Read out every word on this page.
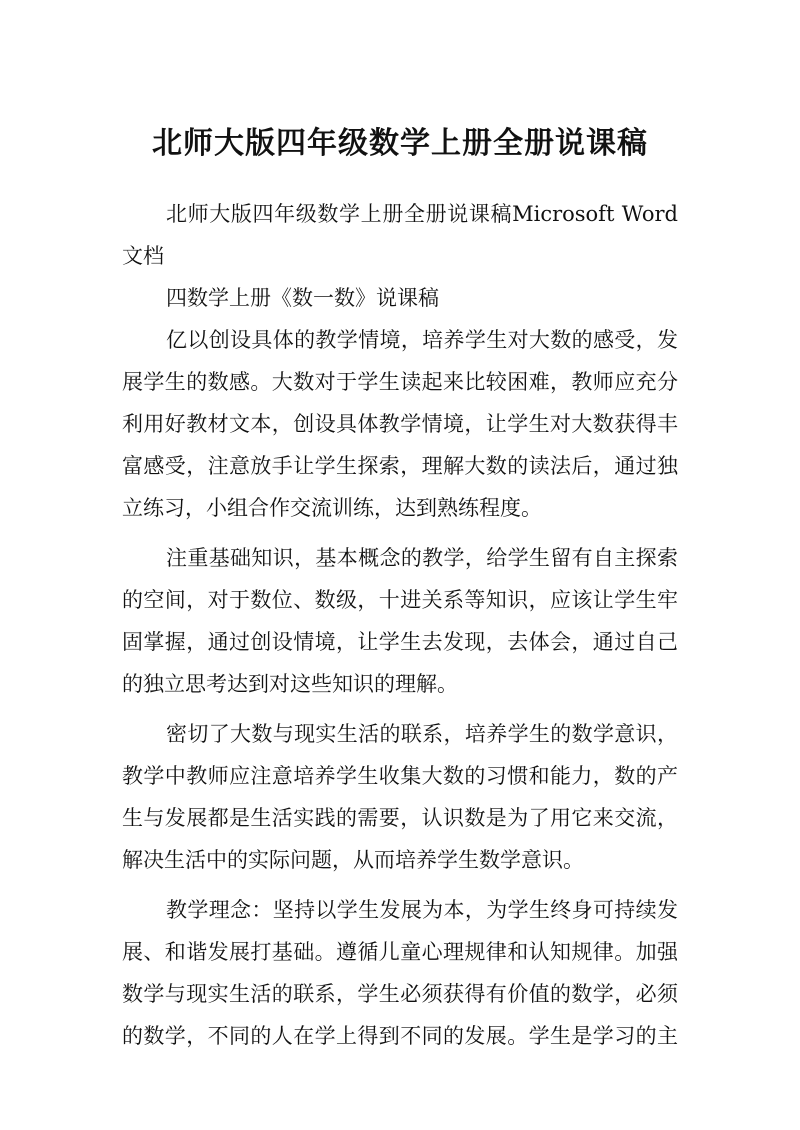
北师大版四年级数学上册全册说课稿
北师大版四年级数学上册全册说课稿Microsoft Word
文档
四数学上册《数一数》说课稿
亿以创设具体的教学情境，培养学生对大数的感受，发
展学生的数感。大数对于学生读起来比较困难，教师应充分
利用好教材文本，创设具体教学情境，让学生对大数获得丰
富感受，注意放手让学生探索，理解大数的读法后，通过独
立练习，小组合作交流训练，达到熟练程度。
注重基础知识，基本概念的教学，给学生留有自主探索
的空间，对于数位、数级，十进关系等知识，应该让学生牢
固掌握，通过创设情境，让学生去发现，去体会，通过自己
的独立思考达到对这些知识的理解。
密切了大数与现实生活的联系，培养学生的数学意识，
教学中教师应注意培养学生收集大数的习惯和能力，数的产
生与发展都是生活实践的需要，认识数是为了用它来交流，
解决生活中的实际问题，从而培养学生数学意识。
教学理念：坚持以学生发展为本，为学生终身可持续发
展、和谐发展打基础。遵循儿童心理规律和认知规律。加强
数学与现实生活的联系，学生必须获得有价值的数学，必须
的数学，不同的人在学上得到不同的发展。学生是学习的主
